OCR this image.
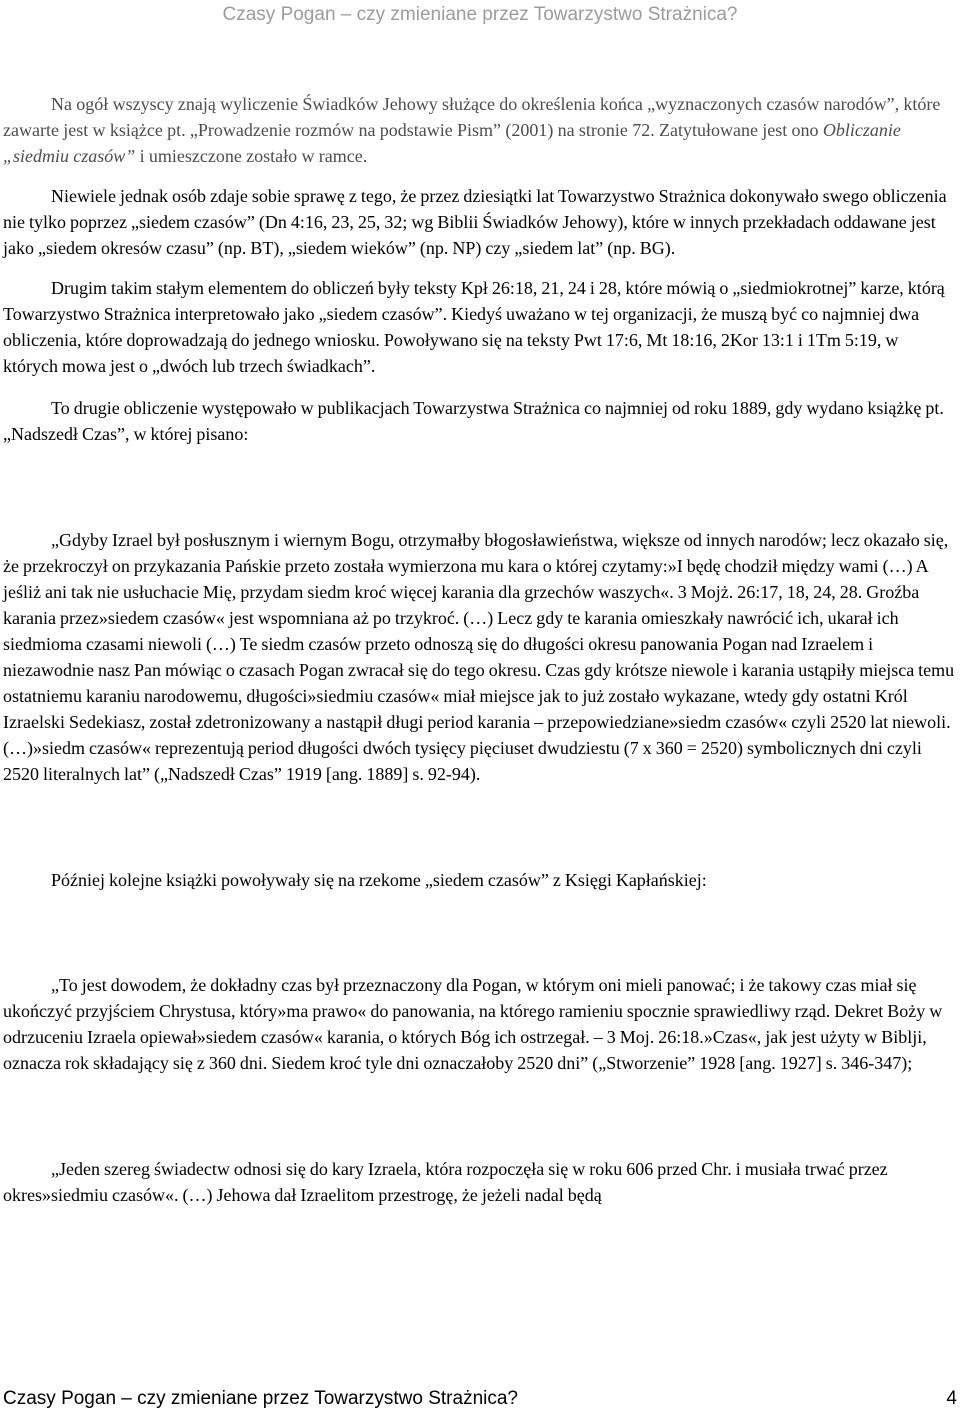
Czasy Pogan – czy zmieniane przez Towarzystwo Strażnica?

Na ogół wszyscy znają wyliczenie Świadków Jehowy służące do określenia końca „wyznaczonych czasów narodów”, które zawarte jest w książce pt. „Prowadzenie rozmów na podstawie Pism” (2001) na stronie 72. Zatytułowane jest ono Obliczanie „siedmiu czasów” i umieszczone zostało w ramce.

Niewiele jednak osób zdaje sobie sprawę z tego, że przez dziesiątki lat Towarzystwo Strażnica dokonywało swego obliczenia nie tylko poprzez „siedem czasów” (Dn 4:16, 23, 25, 32; wg Biblii Świadków Jehowy), które w innych przekładach oddawane jest jako „siedem okresów czasu” (np. BT), „siedem wieków” (np. NP) czy „siedem lat” (np. BG).

Drugim takim stałym elementem do obliczeń były teksty Kpł 26:18, 21, 24 i 28, które mówią o „siedmiokrotnej” karze, którą Towarzystwo Strażnica interpretowało jako „siedem czasów”. Kiedyś uważano w tej organizacji, że muszą być co najmniej dwa obliczenia, które doprowadzają do jednego wniosku. Powoływano się na teksty Pwt 17:6, Mt 18:16, 2Kor 13:1 i 1Tm 5:19, w których mowa jest o „dwóch lub trzech świadkach”.

To drugie obliczenie występowało w publikacjach Towarzystwa Strażnica co najmniej od roku 1889, gdy wydano książkę pt. „Nadszedł Czas”, w której pisano:

„Gdyby Izrael był posłusznym i wiernym Bogu, otrzymałby błogosławieństwa, większe od innych narodów; lecz okazało się, że przekroczył on przykazania Pańskie przeto została wymierzona mu kara o której czytamy:»I będę chodził między wami (…) A jeśliż ani tak nie usłuchacie Mię, przydam siedm kroć więcej karania dla grzechów waszych«. 3 Mojż. 26:17, 18, 24, 28. Groźba karania przez»siedem czasów« jest wspomniana aż po trzykroć. (…) Lecz gdy te karania omieszkały nawrócić ich, ukarał ich siedmioma czasami niewoli (…) Te siedm czasów przeto odnoszą się do długości okresu panowania Pogan nad Izraelem i niezawodnie nasz Pan mówiąc o czasach Pogan zwracał się do tego okresu. Czas gdy krótsze niewole i karania ustąpiły miejsca temu ostatniemu karaniu narodowemu, długości»siedmiu czasów« miał miejsce jak to już zostało wykazane, wtedy gdy ostatni Król Izraelski Sedekiasz, został zdetronizowany a nastąpił długi period karania – przepowiedziane»siedm czasów« czyli 2520 lat niewoli. (…)»siedm czasów« reprezentują period długości dwóch tysięcy pięciuset dwudziestu (7 x 360 = 2520) symbolicznych dni czyli 2520 literalnych lat” („Nadszedł Czas” 1919 [ang. 1889] s. 92-94).

Później kolejne książki powoływały się na rzekome „siedem czasów” z Księgi Kapłańskiej:

„To jest dowodem, że dokładny czas był przeznaczony dla Pogan, w którym oni mieli panować; i że takowy czas miał się ukończyć przyjściem Chrystusa, który»ma prawo« do panowania, na którego ramieniu spocznie sprawiedliwy rząd. Dekret Boży w odrzuceniu Izraela opiewał»siedem czasów« karania, o których Bóg ich ostrzegał. – 3 Moj. 26:18.»Czas«, jak jest użyty w Biblji, oznacza rok składający się z 360 dni. Siedem kroć tyle dni oznaczałoby 2520 dni” („Stworzenie” 1928 [ang. 1927] s. 346-347);

„Jeden szereg świadectw odnosi się do kary Izraela, która rozpoczęła się w roku 606 przed Chr. i musiała trwać przez okres»siedmiu czasów«. (…) Jehowa dał Izraelitom przestrogę, że jeżeli nadal będą

Czasy Pogan – czy zmieniane przez Towarzystwo Strażnica?	4
